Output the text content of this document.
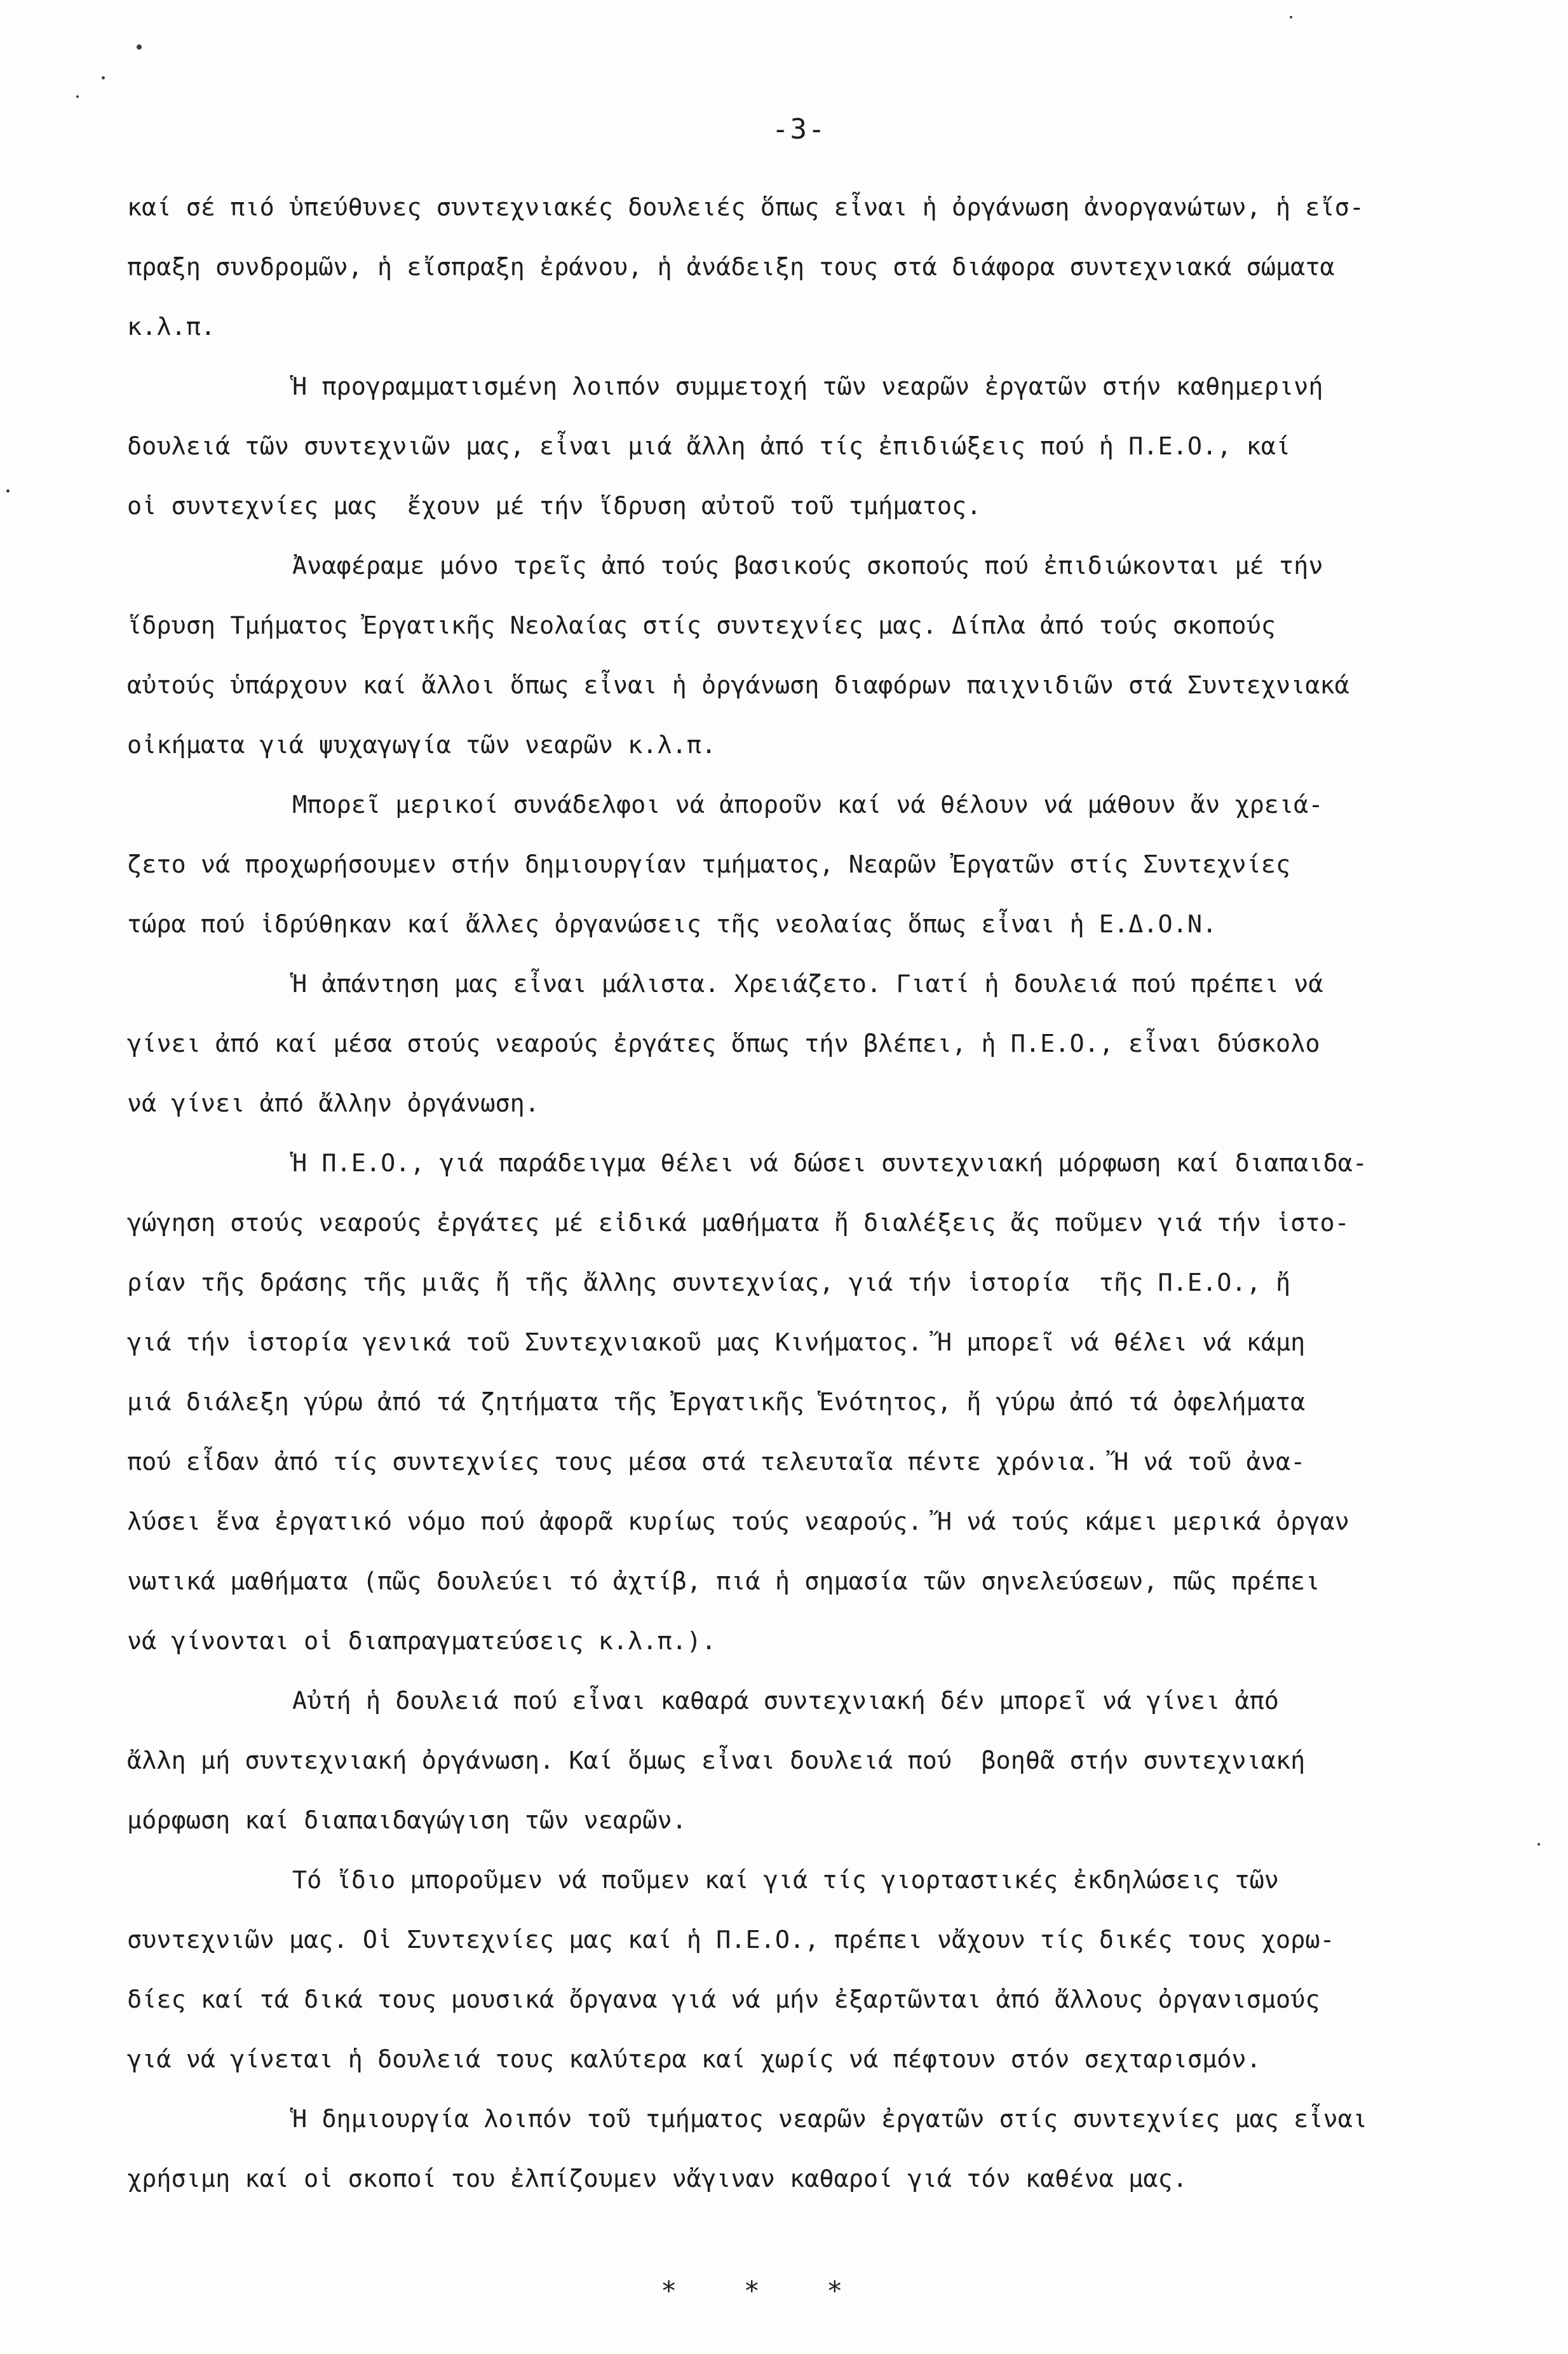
-3-

καί σέ πιό ὑπεύθυνες συντεχνιακές δουλειές ὅπως εἶναι ἡ ὀργάνωση ἀνοργανώτων, ἡ εἴσ-
πραξη συνδρομῶν, ἡ εἴσπραξη ἐράνου, ἡ ἀνάδειξη τους στά διάφορα συντεχνιακά σώματα
κ.λ.π.

Ἡ προγραμματισμένη λοιπόν συμμετοχή τῶν νεαρῶν ἐργατῶν στήν καθημερινή
δουλειά τῶν συντεχνιῶν μας, εἶναι μιά ἄλλη ἀπό τίς ἐπιδιώξεις πού ἡ Π.Ε.Ο., καί
οἱ συντεχνίες μας  ἔχουν μέ τήν ἵδρυση αὐτοῦ τοῦ τμήματος.

Ἀναφέραμε μόνο τρεῖς ἀπό τούς βασικούς σκοπούς πού ἐπιδιώκονται μέ τήν
ἵδρυση Τμήματος Ἐργατικῆς Νεολαίας στίς συντεχνίες μας. Δίπλα ἀπό τούς σκοπούς
αὐτούς ὑπάρχουν καί ἄλλοι ὅπως εἶναι ἡ ὀργάνωση διαφόρων παιχνιδιῶν στά Συντεχνιακά
οἰκήματα γιά ψυχαγωγία τῶν νεαρῶν κ.λ.π.

Μπορεῖ μερικοί συνάδελφοι νά ἀποροῦν καί νά θέλουν νά μάθουν ἄν χρειά-
ζετο νά προχωρήσουμεν στήν δημιουργίαν τμήματος, Νεαρῶν Ἐργατῶν στίς Συντεχνίες
τώρα πού ἱδρύθηκαν καί ἄλλες ὀργανώσεις τῆς νεολαίας ὅπως εἶναι ἡ Ε.Δ.Ο.Ν.

Ἡ ἀπάντηση μας εἶναι μάλιστα. Χρειάζετο. Γιατί ἡ δουλειά πού πρέπει νά
γίνει ἀπό καί μέσα στούς νεαρούς ἐργάτες ὅπως τήν βλέπει, ἡ Π.Ε.Ο., εἶναι δύσκολο
νά γίνει ἀπό ἄλλην ὀργάνωση.

Ἡ Π.Ε.Ο., γιά παράδειγμα θέλει νά δώσει συντεχνιακή μόρφωση καί διαπαιδα-
γώγηση στούς νεαρούς ἐργάτες μέ εἰδικά μαθήματα ἤ διαλέξεις ἄς ποῦμεν γιά τήν ἱστο-
ρίαν τῆς δράσης τῆς μιᾶς ἤ τῆς ἄλλης συντεχνίας, γιά τήν ἱστορία  τῆς Π.Ε.Ο., ἤ
γιά τήν ἱστορία γενικά τοῦ Συντεχνιακοῦ μας Κινήματος. Ἤ μπορεῖ νά θέλει νά κάμη
μιά διάλεξη γύρω ἀπό τά ζητήματα τῆς Ἐργατικῆς Ἑνότητος, ἤ γύρω ἀπό τά ὀφελήματα
πού εἶδαν ἀπό τίς συντεχνίες τους μέσα στά τελευταῖα πέντε χρόνια. Ἤ νά τοῦ ἀνα-
λύσει ἕνα ἐργατικό νόμο πού ἀφορᾶ κυρίως τούς νεαρούς. Ἤ νά τούς κάμει μερικά ὀργαν
νωτικά μαθήματα (πῶς δουλεύει τό ἀχτίβ, πιά ἡ σημασία τῶν σηνελεύσεων, πῶς πρέπει
νά γίνονται οἱ διαπραγματεύσεις κ.λ.π.).

Αὐτή ἡ δουλειά πού εἶναι καθαρά συντεχνιακή δέν μπορεῖ νά γίνει ἀπό
ἄλλη μή συντεχνιακή ὀργάνωση. Καί ὅμως εἶναι δουλειά πού  βοηθᾶ στήν συντεχνιακή
μόρφωση καί διαπαιδαγώγιση τῶν νεαρῶν.

Τό ἴδιο μποροῦμεν νά ποῦμεν καί γιά τίς γιορταστικές ἐκδηλώσεις τῶν
συντεχνιῶν μας. Οἱ Συντεχνίες μας καί ἡ Π.Ε.Ο., πρέπει νἄχουν τίς δικές τους χορω-
δίες καί τά δικά τους μουσικά ὄργανα γιά νά μήν ἐξαρτῶνται ἀπό ἄλλους ὀργανισμούς
γιά νά γίνεται ἡ δουλειά τους καλύτερα καί χωρίς νά πέφτουν στόν σεχταρισμόν.

Ἡ δημιουργία λοιπόν τοῦ τμήματος νεαρῶν ἐργατῶν στίς συντεχνίες μας εἶναι
χρήσιμη καί οἱ σκοποί του ἐλπίζουμεν νἄγιναν καθαροί γιά τόν καθένα μας.

* * *
